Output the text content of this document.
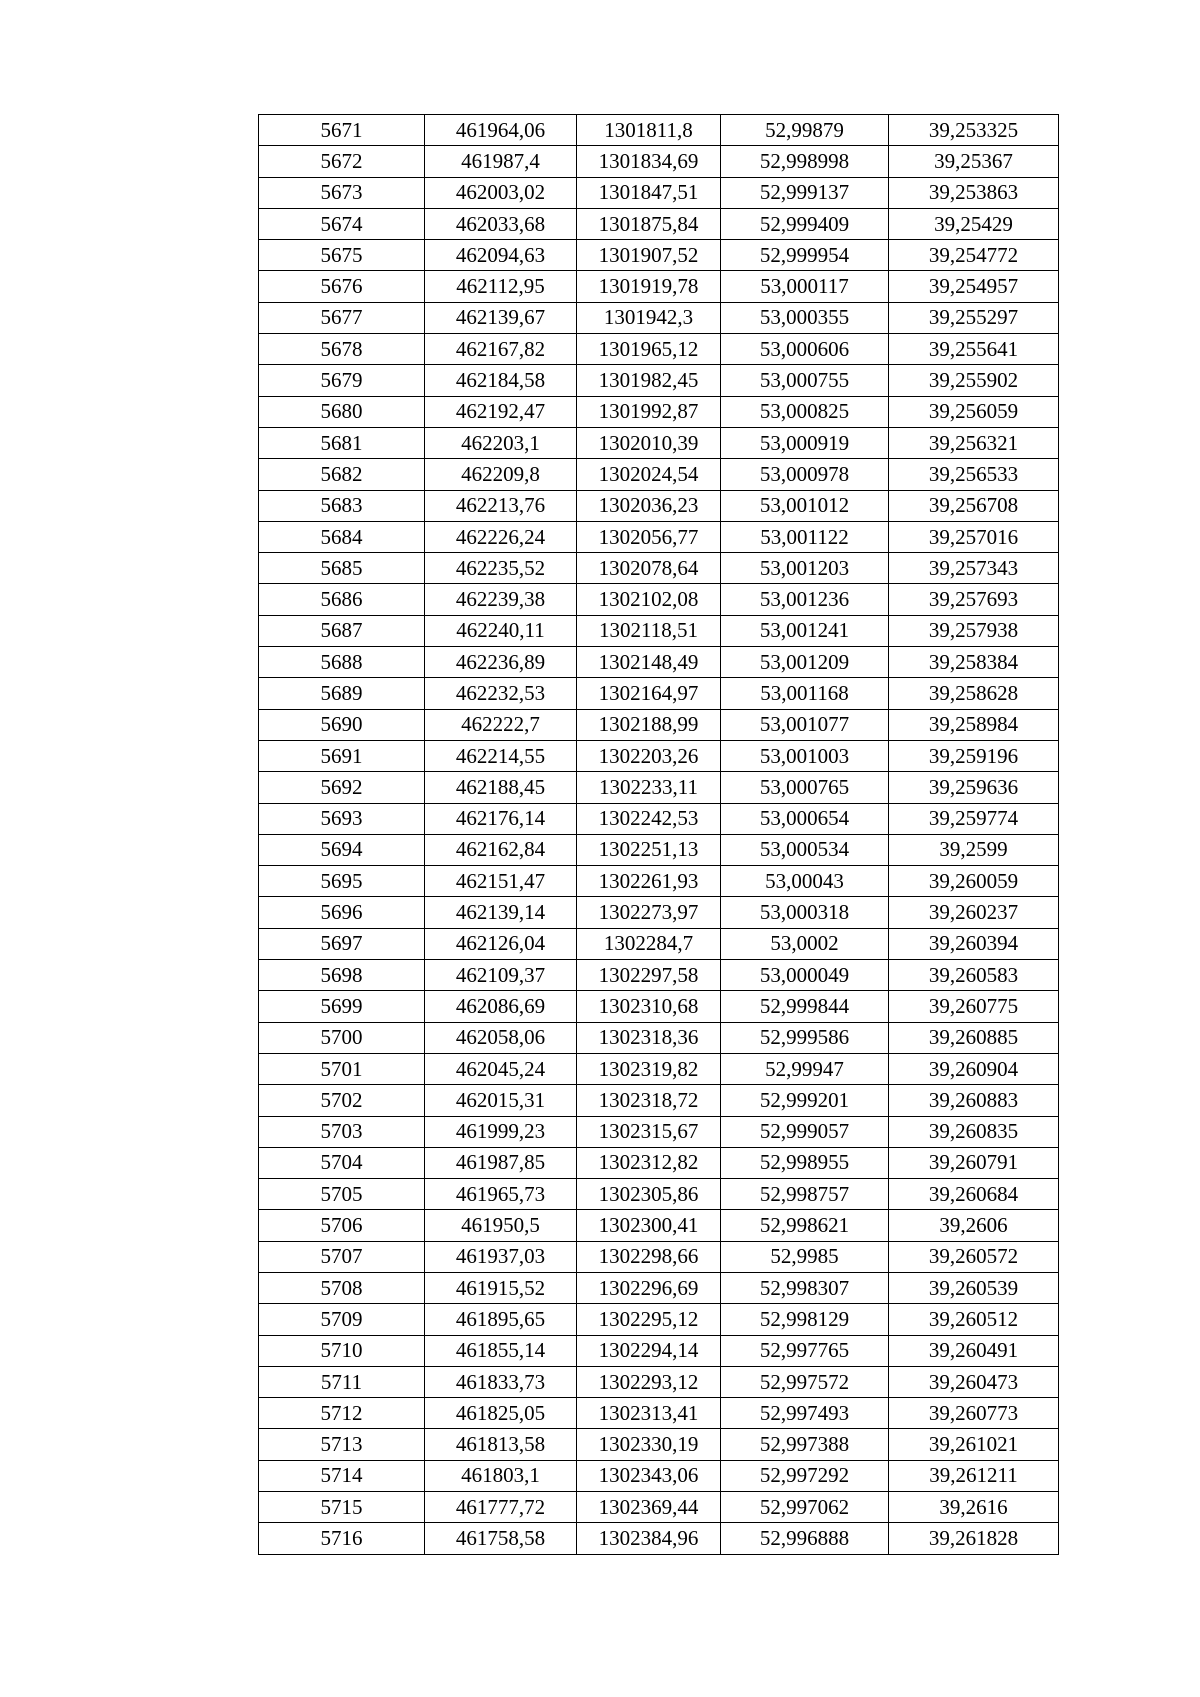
5671	461964,06	1301811,8	52,99879	39,253325
5672	461987,4	1301834,69	52,998998	39,25367
5673	462003,02	1301847,51	52,999137	39,253863
5674	462033,68	1301875,84	52,999409	39,25429
5675	462094,63	1301907,52	52,999954	39,254772
5676	462112,95	1301919,78	53,000117	39,254957
5677	462139,67	1301942,3	53,000355	39,255297
5678	462167,82	1301965,12	53,000606	39,255641
5679	462184,58	1301982,45	53,000755	39,255902
5680	462192,47	1301992,87	53,000825	39,256059
5681	462203,1	1302010,39	53,000919	39,256321
5682	462209,8	1302024,54	53,000978	39,256533
5683	462213,76	1302036,23	53,001012	39,256708
5684	462226,24	1302056,77	53,001122	39,257016
5685	462235,52	1302078,64	53,001203	39,257343
5686	462239,38	1302102,08	53,001236	39,257693
5687	462240,11	1302118,51	53,001241	39,257938
5688	462236,89	1302148,49	53,001209	39,258384
5689	462232,53	1302164,97	53,001168	39,258628
5690	462222,7	1302188,99	53,001077	39,258984
5691	462214,55	1302203,26	53,001003	39,259196
5692	462188,45	1302233,11	53,000765	39,259636
5693	462176,14	1302242,53	53,000654	39,259774
5694	462162,84	1302251,13	53,000534	39,2599
5695	462151,47	1302261,93	53,00043	39,260059
5696	462139,14	1302273,97	53,000318	39,260237
5697	462126,04	1302284,7	53,0002	39,260394
5698	462109,37	1302297,58	53,000049	39,260583
5699	462086,69	1302310,68	52,999844	39,260775
5700	462058,06	1302318,36	52,999586	39,260885
5701	462045,24	1302319,82	52,99947	39,260904
5702	462015,31	1302318,72	52,999201	39,260883
5703	461999,23	1302315,67	52,999057	39,260835
5704	461987,85	1302312,82	52,998955	39,260791
5705	461965,73	1302305,86	52,998757	39,260684
5706	461950,5	1302300,41	52,998621	39,2606
5707	461937,03	1302298,66	52,9985	39,260572
5708	461915,52	1302296,69	52,998307	39,260539
5709	461895,65	1302295,12	52,998129	39,260512
5710	461855,14	1302294,14	52,997765	39,260491
5711	461833,73	1302293,12	52,997572	39,260473
5712	461825,05	1302313,41	52,997493	39,260773
5713	461813,58	1302330,19	52,997388	39,261021
5714	461803,1	1302343,06	52,997292	39,261211
5715	461777,72	1302369,44	52,997062	39,2616
5716	461758,58	1302384,96	52,996888	39,261828
